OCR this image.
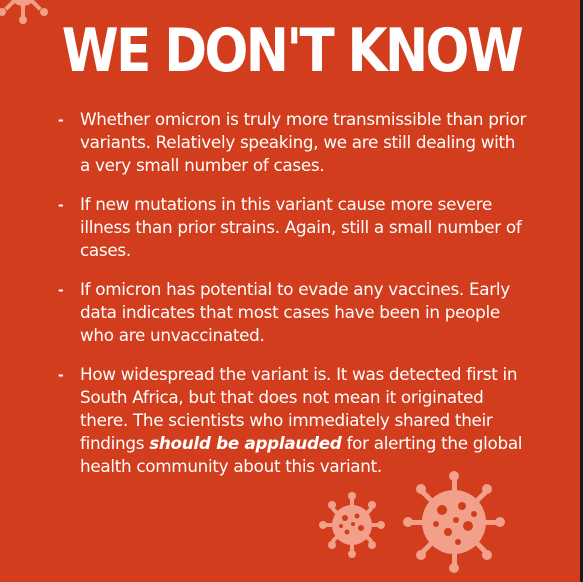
WE DON'T KNOW
- Whether omicron is truly more transmissible than prior variants. Relatively speaking, we are still dealing with a very small number of cases.
- If new mutations in this variant cause more severe illness than prior strains. Again, still a small number of cases.
- If omicron has potential to evade any vaccines. Early data indicates that most cases have been in people who are unvaccinated.
- How widespread the variant is. It was detected first in South Africa, but that does not mean it originated there. The scientists who immediately shared their findings should be applauded for alerting the global health community about this variant.
